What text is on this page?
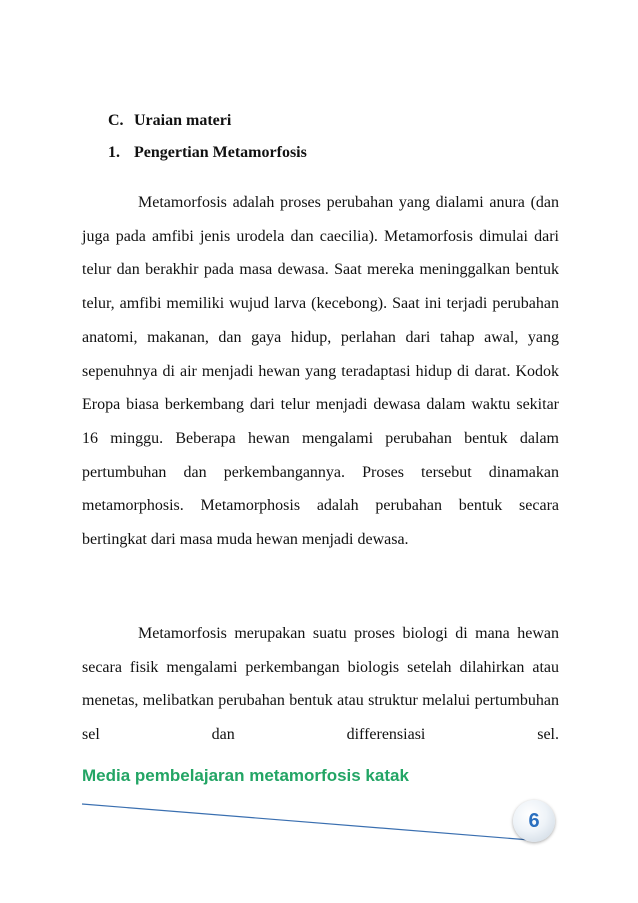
C. Uraian materi
1. Pengertian Metamorfosis

Metamorfosis adalah proses perubahan yang dialami anura (dan juga pada amfibi jenis urodela dan caecilia). Metamorfosis dimulai dari telur dan berakhir pada masa dewasa. Saat mereka meninggalkan bentuk telur, amfibi memiliki wujud larva (kecebong). Saat ini terjadi perubahan anatomi, makanan, dan gaya hidup, perlahan dari tahap awal, yang sepenuhnya di air menjadi hewan yang teradaptasi hidup di darat. Kodok Eropa biasa berkembang dari telur menjadi dewasa dalam waktu sekitar 16 minggu. Beberapa hewan mengalami perubahan bentuk dalam pertumbuhan dan perkembangannya. Proses tersebut dinamakan metamorphosis. Metamorphosis adalah perubahan bentuk secara bertingkat dari masa muda hewan menjadi dewasa.

Metamorfosis merupakan suatu proses biologi di mana hewan secara fisik mengalami perkembangan biologis setelah dilahirkan atau menetas, melibatkan perubahan bentuk atau struktur melalui pertumbuhan sel dan differensiasi sel.

Media pembelajaran metamorfosis katak
6
